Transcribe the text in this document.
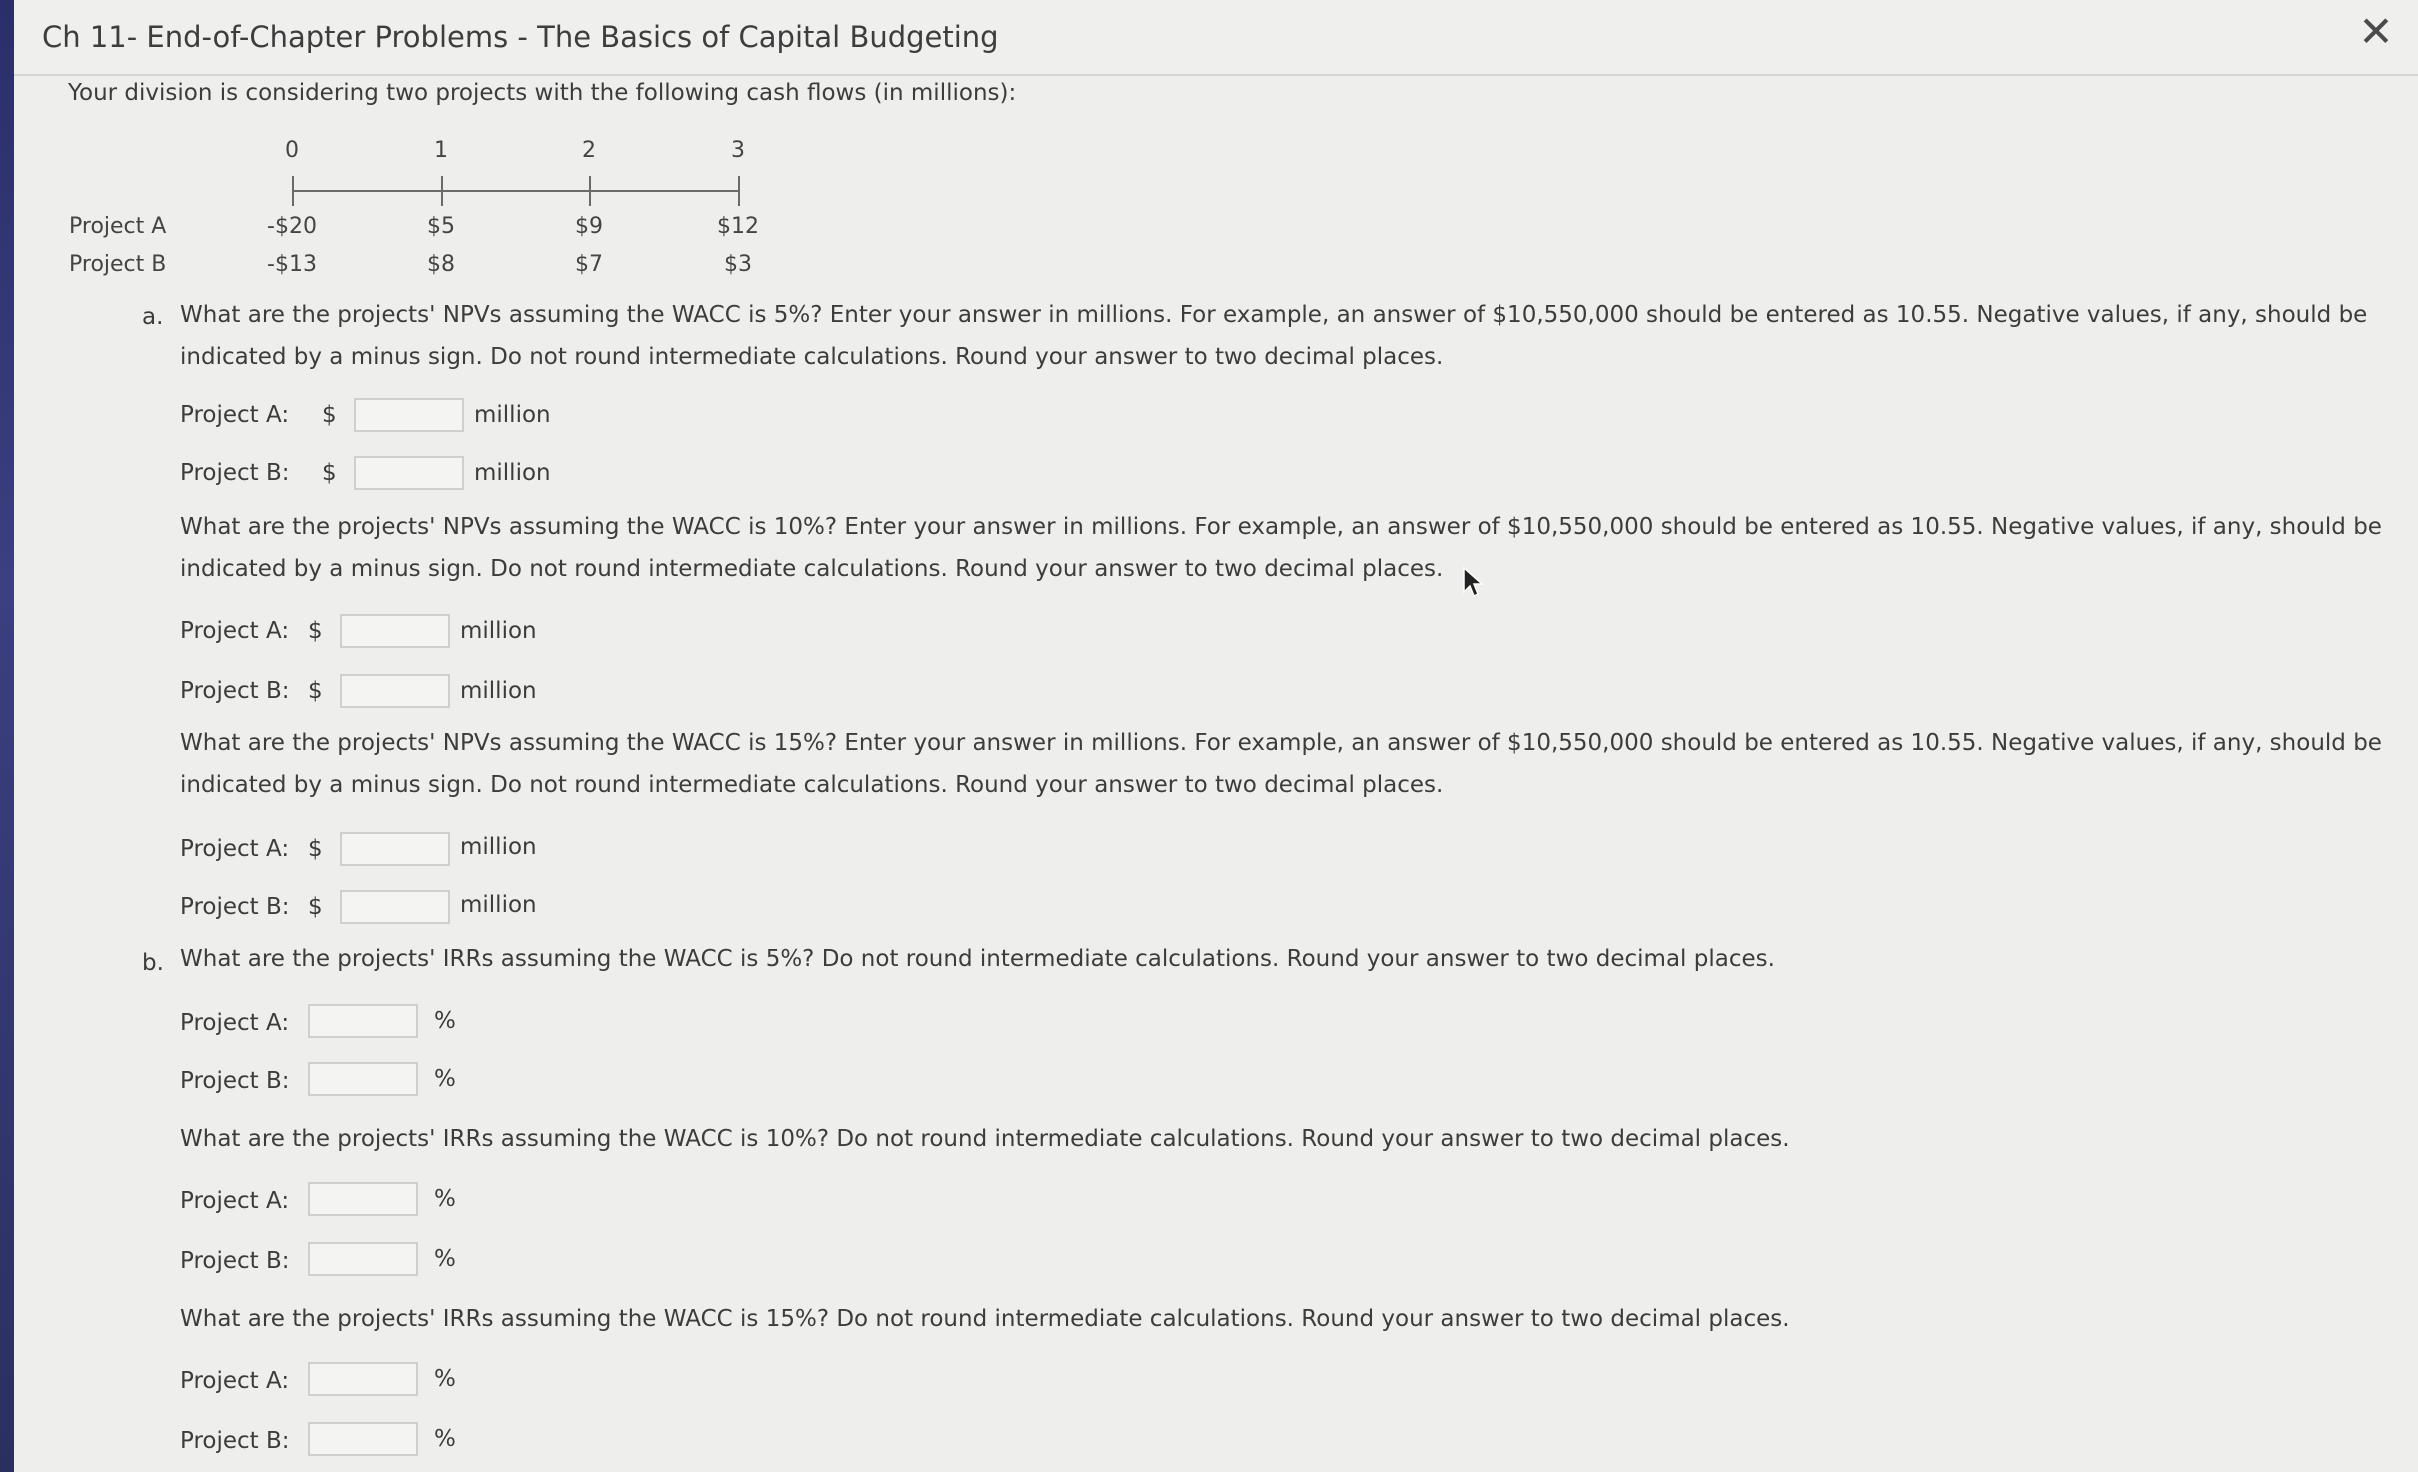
Ch 11- End-of-Chapter Problems - The Basics of Capital Budgeting	✕
Your division is considering two projects with the following cash flows (in millions):
0	1	2	3
Project A	-$20	$5	$9	$12
Project B	-$13	$8	$7	$3
a. What are the projects' NPVs assuming the WACC is 5%? Enter your answer in millions. For example, an answer of $10,550,000 should be entered as 10.55. Negative values, if any, should be
indicated by a minus sign. Do not round intermediate calculations. Round your answer to two decimal places.
Project A: $	million
Project B: $	million
What are the projects' NPVs assuming the WACC is 10%? Enter your answer in millions. For example, an answer of $10,550,000 should be entered as 10.55. Negative values, if any, should be
indicated by a minus sign. Do not round intermediate calculations. Round your answer to two decimal places.
Project A: $	million
Project B: $	million
What are the projects' NPVs assuming the WACC is 15%? Enter your answer in millions. For example, an answer of $10,550,000 should be entered as 10.55. Negative values, if any, should be
indicated by a minus sign. Do not round intermediate calculations. Round your answer to two decimal places.
Project A: $	million
Project B: $	million
b. What are the projects' IRRs assuming the WACC is 5%? Do not round intermediate calculations. Round your answer to two decimal places.
Project A:	%
Project B:	%
What are the projects' IRRs assuming the WACC is 10%? Do not round intermediate calculations. Round your answer to two decimal places.
Project A:	%
Project B:	%
What are the projects' IRRs assuming the WACC is 15%? Do not round intermediate calculations. Round your answer to two decimal places.
Project A:	%
Project B:	%
